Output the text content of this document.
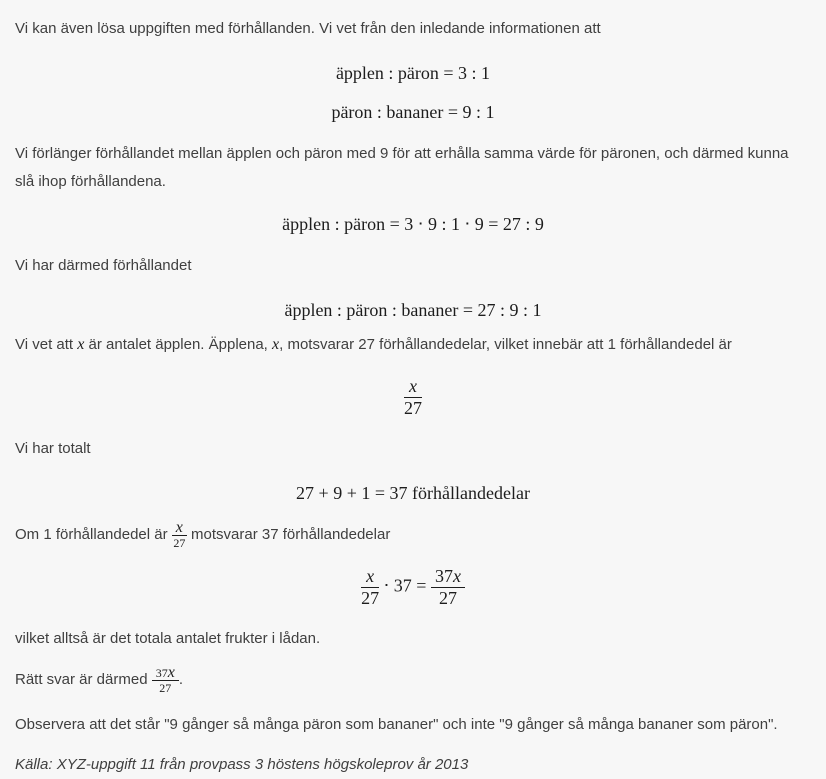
Vi kan även lösa uppgiften med förhållanden. Vi vet från den inledande informationen att

äpplen : päron = 3 : 1
päron : bananer = 9 : 1

Vi förlänger förhållandet mellan äpplen och päron med 9 för att erhålla samma värde för päronen, och därmed kunna slå ihop förhållandena.

äpplen : päron = 3 ⋅ 9 : 1 ⋅ 9 = 27 : 9

Vi har därmed förhållandet

äpplen : päron : bananer = 27 : 9 : 1

Vi vet att x är antalet äpplen. Äpplena, x, motsvarar 27 förhållandedelar, vilket innebär att 1 förhållandedel är

$\frac{x}{27}$

Vi har totalt

27 + 9 + 1 = 37 förhållandedelar

Om 1 förhållandedel är $\frac{x}{27}$ motsvarar 37 förhållandedelar

$\frac{x}{27} \cdot 37 = \frac{37x}{27}$

vilket alltså är det totala antalet frukter i lådan.

Rätt svar är därmed $\frac{37x}{27}$ .

Observera att det står "9 gånger så många päron som bananer" och inte "9 gånger så många bananer som päron".

Källa: XYZ-uppgift 11 från provpass 3 höstens högskoleprov år 2013
